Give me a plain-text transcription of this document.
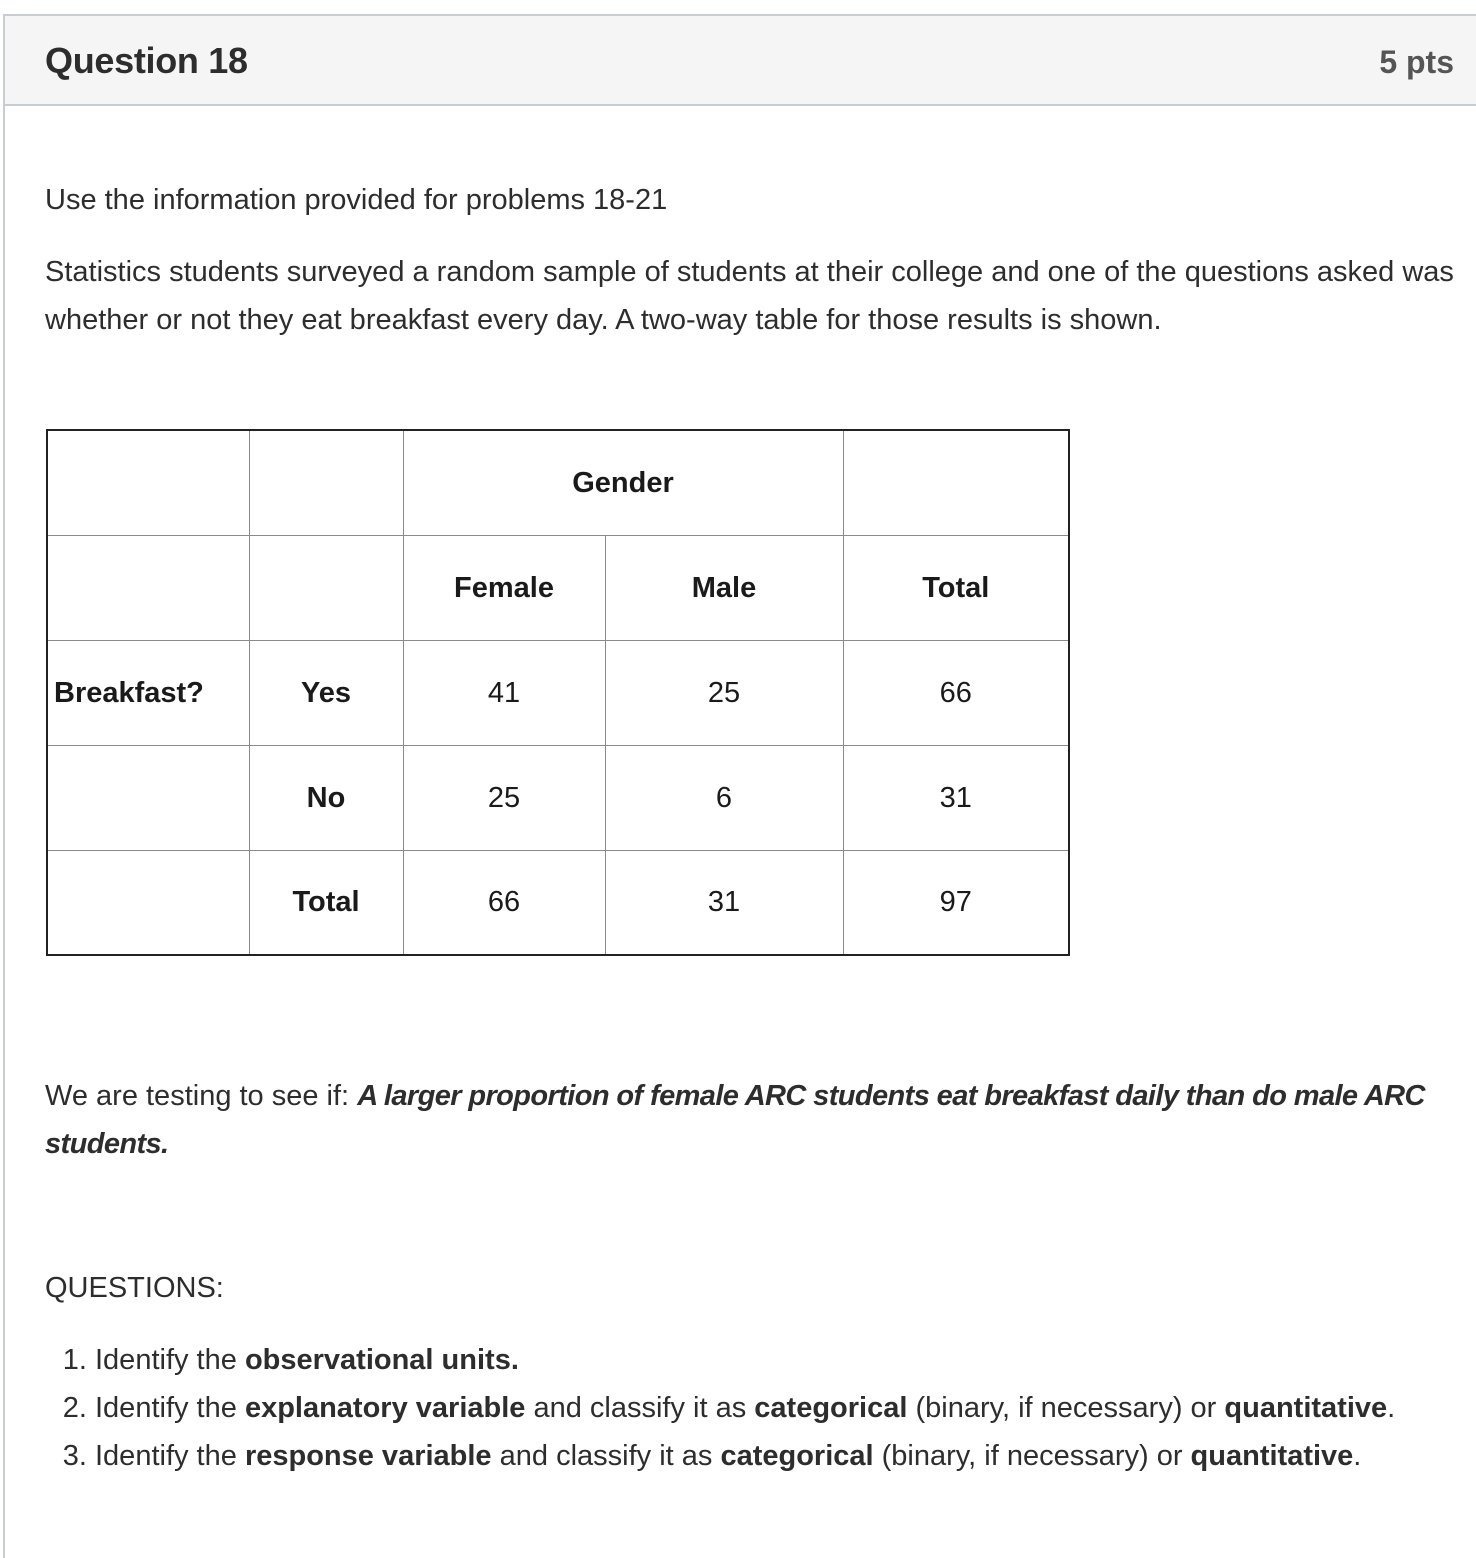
Question 18	5 pts
Use the information provided for problems 18-21
Statistics students surveyed a random sample of students at their college and one of the questions asked was whether or not they eat breakfast every day. A two-way table for those results is shown.
		Gender		
		Female	Male	Total
Breakfast?	Yes	41	25	66
	No	25	6	31
	Total	66	31	97
We are testing to see if: A larger proportion of female ARC students eat breakfast daily than do male ARC students.
QUESTIONS:
1. Identify the observational units.
2. Identify the explanatory variable and classify it as categorical (binary, if necessary) or quantitative.
3. Identify the response variable and classify it as categorical (binary, if necessary) or quantitative.
